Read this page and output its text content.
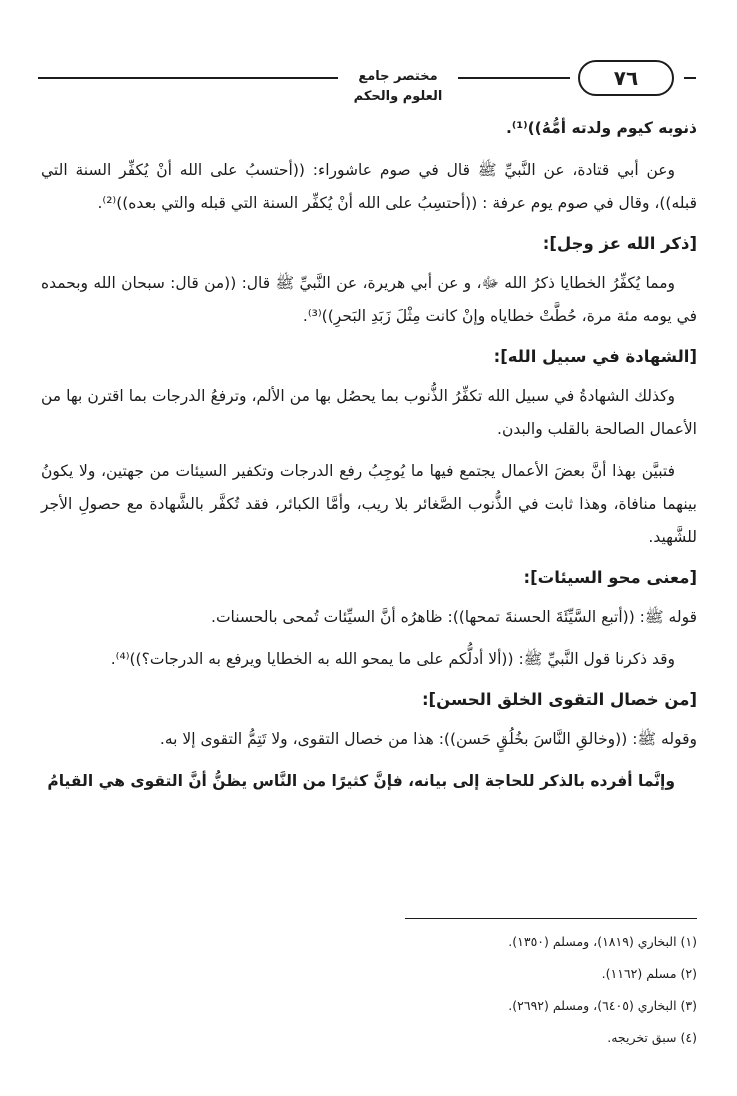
مختصر جامع العلوم والحكم
٧٦

ذنوبه كيوم ولدته أمُّهُ))⁽¹⁾.

وعن أبي قتادة، عن النَّبيِّ ﷺ قال في صوم عاشوراء: ((أحتسبُ على الله أنْ يُكفِّر السنة التي قبله))، وقال في صوم يوم عرفة : ((أحتسِبُ على الله أنْ يُكفِّر السنة التي قبله والتي بعده))⁽²⁾.

[ذكر الله عز وجل]:

ومما يُكفِّرُ الخطايا ذكرُ الله ﷻ، و عن أبي هريرة، عن النَّبيِّ ﷺ قال: ((من قال: سبحان الله وبحمده في يومه مئة مرة، حُطَّتْ خطاياه وإنْ كانت مِثْلَ زَبَدِ البَحرِ))⁽³⁾.

[الشهادة في سبيل الله]:

وكذلك الشهادةُ في سبيل الله تكفِّرُ الذُّنوب بما يحصُل بها من الألم، وترفعُ الدرجات بما اقترن بها من الأعمال الصالحة بالقلب والبدن.

فتبيَّن بهذا أنَّ بعضَ الأعمال يجتمع فيها ما يُوجِبُ رفع الدرجات وتكفير السيئات من جهتين، ولا يكونُ بينهما منافاة، وهذا ثابت في الذُّنوب الصَّغائر بلا ريب، وأمَّا الكبائر، فقد تُكفَّر بالشَّهادة مع حصولِ الأجر للشَّهيد.

[معنى محو السيئات]:

قوله ﷺ: ((أتبع السَّيِّئَةَ الحسنةَ تمحها)): ظاهرُه أنَّ السيِّئات تُمحى بالحسنات.

وقد ذكرنا قول النَّبيِّ ﷺ: ((ألا أدلُّكم على ما يمحو الله به الخطايا ويرفع به الدرجات؟))⁽⁴⁾.

[من خصال التقوى الخلق الحسن]:

وقوله ﷺ: ((وخالقِ النَّاسَ بخُلُقٍ حَسن)): هذا من خصال التقوى، ولا تَتِمُّ التقوى إلا به.

وإنَّما أفرده بالذكر للحاجة إلى بيانه، فإنَّ كثيرًا من النَّاس يظنُّ أنَّ التقوى هي القيامُ

(١) البخاري (١٨١٩)، ومسلم (١٣٥٠).

(٢) مسلم (١١٦٢).

(٣) البخاري (٦٤٠٥)، ومسلم (٢٦٩٢).

(٤) سبق تخريجه.
